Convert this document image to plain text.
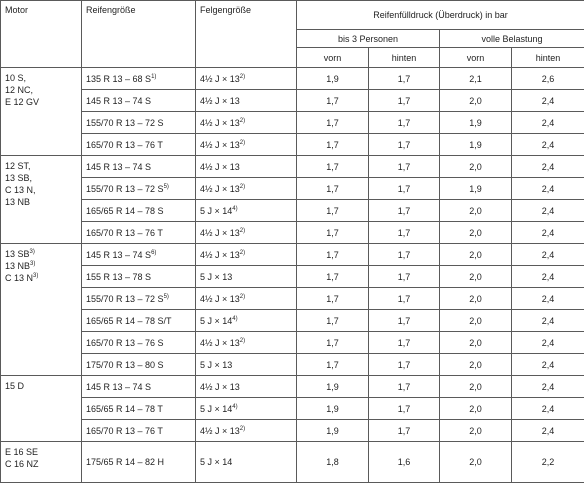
Motor	Reifengröße	Felgengröße	Reifenfülldruck (Überdruck) in bar			
			bis 3 Personen		volle Belastung	
			vorn	hinten	vorn	hinten

10 S,
12 NC,
E 12 GV	135 R 13 – 68 $S^{1)}$	4½ $J \times 13^{2)}$	1,9	1,7	2,1	2,6
	145 R 13 – 74 S	4½ J × 13	1,7	1,7	2,0	2,4
	155/70 R 13 – 72 S	4½ $J \times 13^{2)}$	1,7	1,7	1,9	2,4
	165/70 R 13 – 76 T	4½ $J \times 13^{2)}$	1,7	1,7	1,9	2,4

12 ST,
13 SB,
C 13 N,
13 NB	145 R 13 – 74 S	4½ J × 13	1,7	1,7	2,0	2,4
	155/70 R 13 – 72 $S^{5)}$	4½ $J \times 13^{2)}$	1,7	1,7	1,9	2,4
	165/65 R 14 – 78 S	5 $J \times 14^{4)}$	1,7	1,7	2,0	2,4
	165/70 R 13 – 76 T	4½ $J \times 13^{2)}$	1,7	1,7	2,0	2,4

13 SB$^{3)}$
13 NB$^{3)}$
C 13 $N^{3)}$	145 R 13 – 74 $S^{6)}$	4½ $J \times 13^{2)}$	1,7	1,7	2,0	2,4
	155 R 13 – 78 S	5 J × 13	1,7	1,7	2,0	2,4
	155/70 R 13 – 72 $S^{5)}$	4½ $J \times 13^{2)}$	1,7	1,7	2,0	2,4
	165/65 R 14 – 78 S/T	5 $J \times 14^{4)}$	1,7	1,7	2,0	2,4
	165/70 R 13 – 76 S	4½ $J \times 13^{2)}$	1,7	1,7	2,0	2,4
	175/70 R 13 – 80 S	5 J × 13	1,7	1,7	2,0	2,4

15 D	145 R 13 – 74 S	4½ J × 13	1,9	1,7	2,0	2,4
	165/65 R 14 – 78 T	5 $J \times 14^{4)}$	1,9	1,7	2,0	2,4
	165/70 R 13 – 76 T	4½ $J \times 13^{2)}$	1,9	1,7	2,0	2,4

E 16 SE
C 16 NZ	175/65 R 14 – 82 H	5 J × 14	1,8	1,6	2,0	2,2
